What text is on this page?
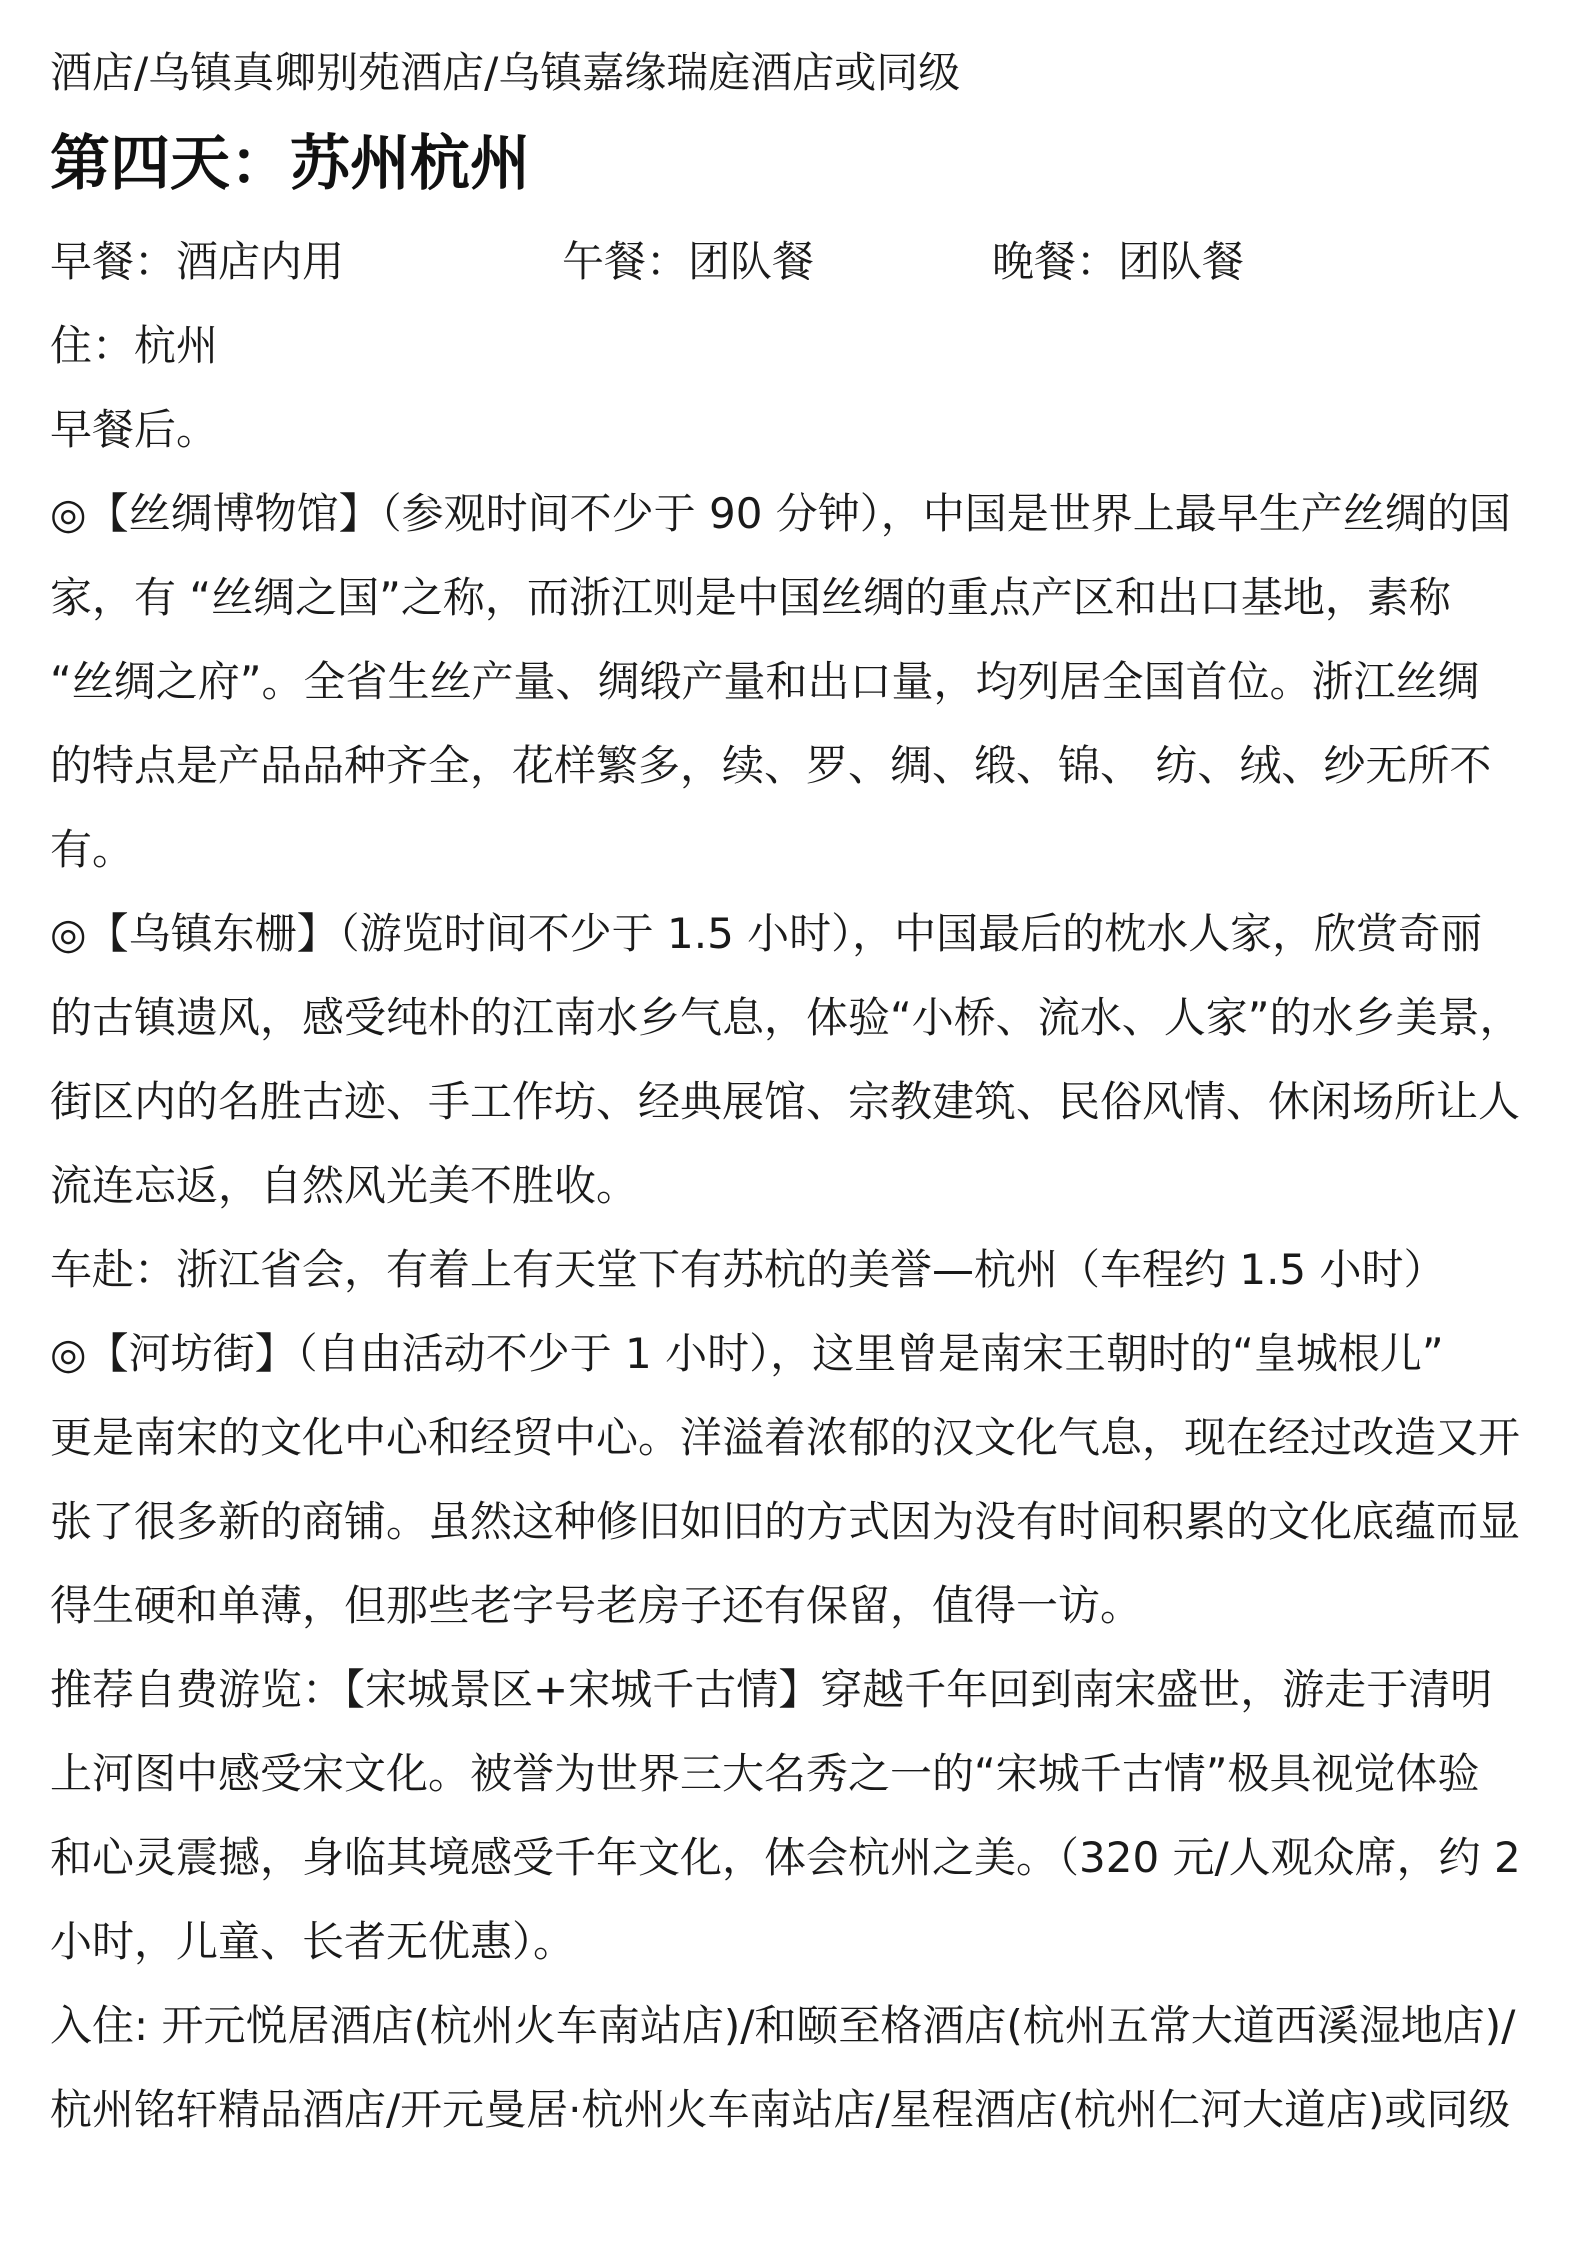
酒店/乌镇真卿别苑酒店/乌镇嘉缘瑞庭酒店或同级

第四天：苏州杭州
早餐：酒店内用	午餐：团队餐	晚餐：团队餐

住：杭州

早餐后。

◎【丝绸博物馆】（参观时间不少于 90 分钟），中国是世界上最早生产丝绸的国

家，有 “丝绸之国”之称，而浙江则是中国丝绸的重点产区和出口基地，素称

“丝绸之府”。全省生丝产量、绸缎产量和出口量，均列居全国首位。浙江丝绸

的特点是产品品种齐全，花样繁多，续、罗、绸、缎、锦、 纺、绒、纱无所不

有。

◎【乌镇东栅】（游览时间不少于 1.5 小时），中国最后的枕水人家，欣赏奇丽

的古镇遗风，感受纯朴的江南水乡气息，体验“小桥、流水、人家”的水乡美景，

街区内的名胜古迹、手工作坊、经典展馆、宗教建筑、民俗风情、休闲场所让人

流连忘返，自然风光美不胜收。

车赴：浙江省会，有着上有天堂下有苏杭的美誉—杭州（车程约 1.5 小时）

◎【河坊街】（自由活动不少于 1 小时），这里曾是南宋王朝时的“皇城根儿”

更是南宋的文化中心和经贸中心。洋溢着浓郁的汉文化气息，现在经过改造又开

张了很多新的商铺。虽然这种修旧如旧的方式因为没有时间积累的文化底蕴而显

得生硬和单薄，但那些老字号老房子还有保留，值得一访。

推荐自费游览：【宋城景区+宋城千古情】穿越千年回到南宋盛世，游走于清明

上河图中感受宋文化。被誉为世界三大名秀之一的“宋城千古情”极具视觉体验

和心灵震撼，身临其境感受千年文化，体会杭州之美。（320 元/人观众席，约 2

小时，儿童、长者无优惠）。

入住: 开元悦居酒店(杭州火车南站店)/和颐至格酒店(杭州五常大道西溪湿地店)/

杭州铭轩精品酒店/开元曼居·杭州火车南站店/星程酒店(杭州仁河大道店)或同级
